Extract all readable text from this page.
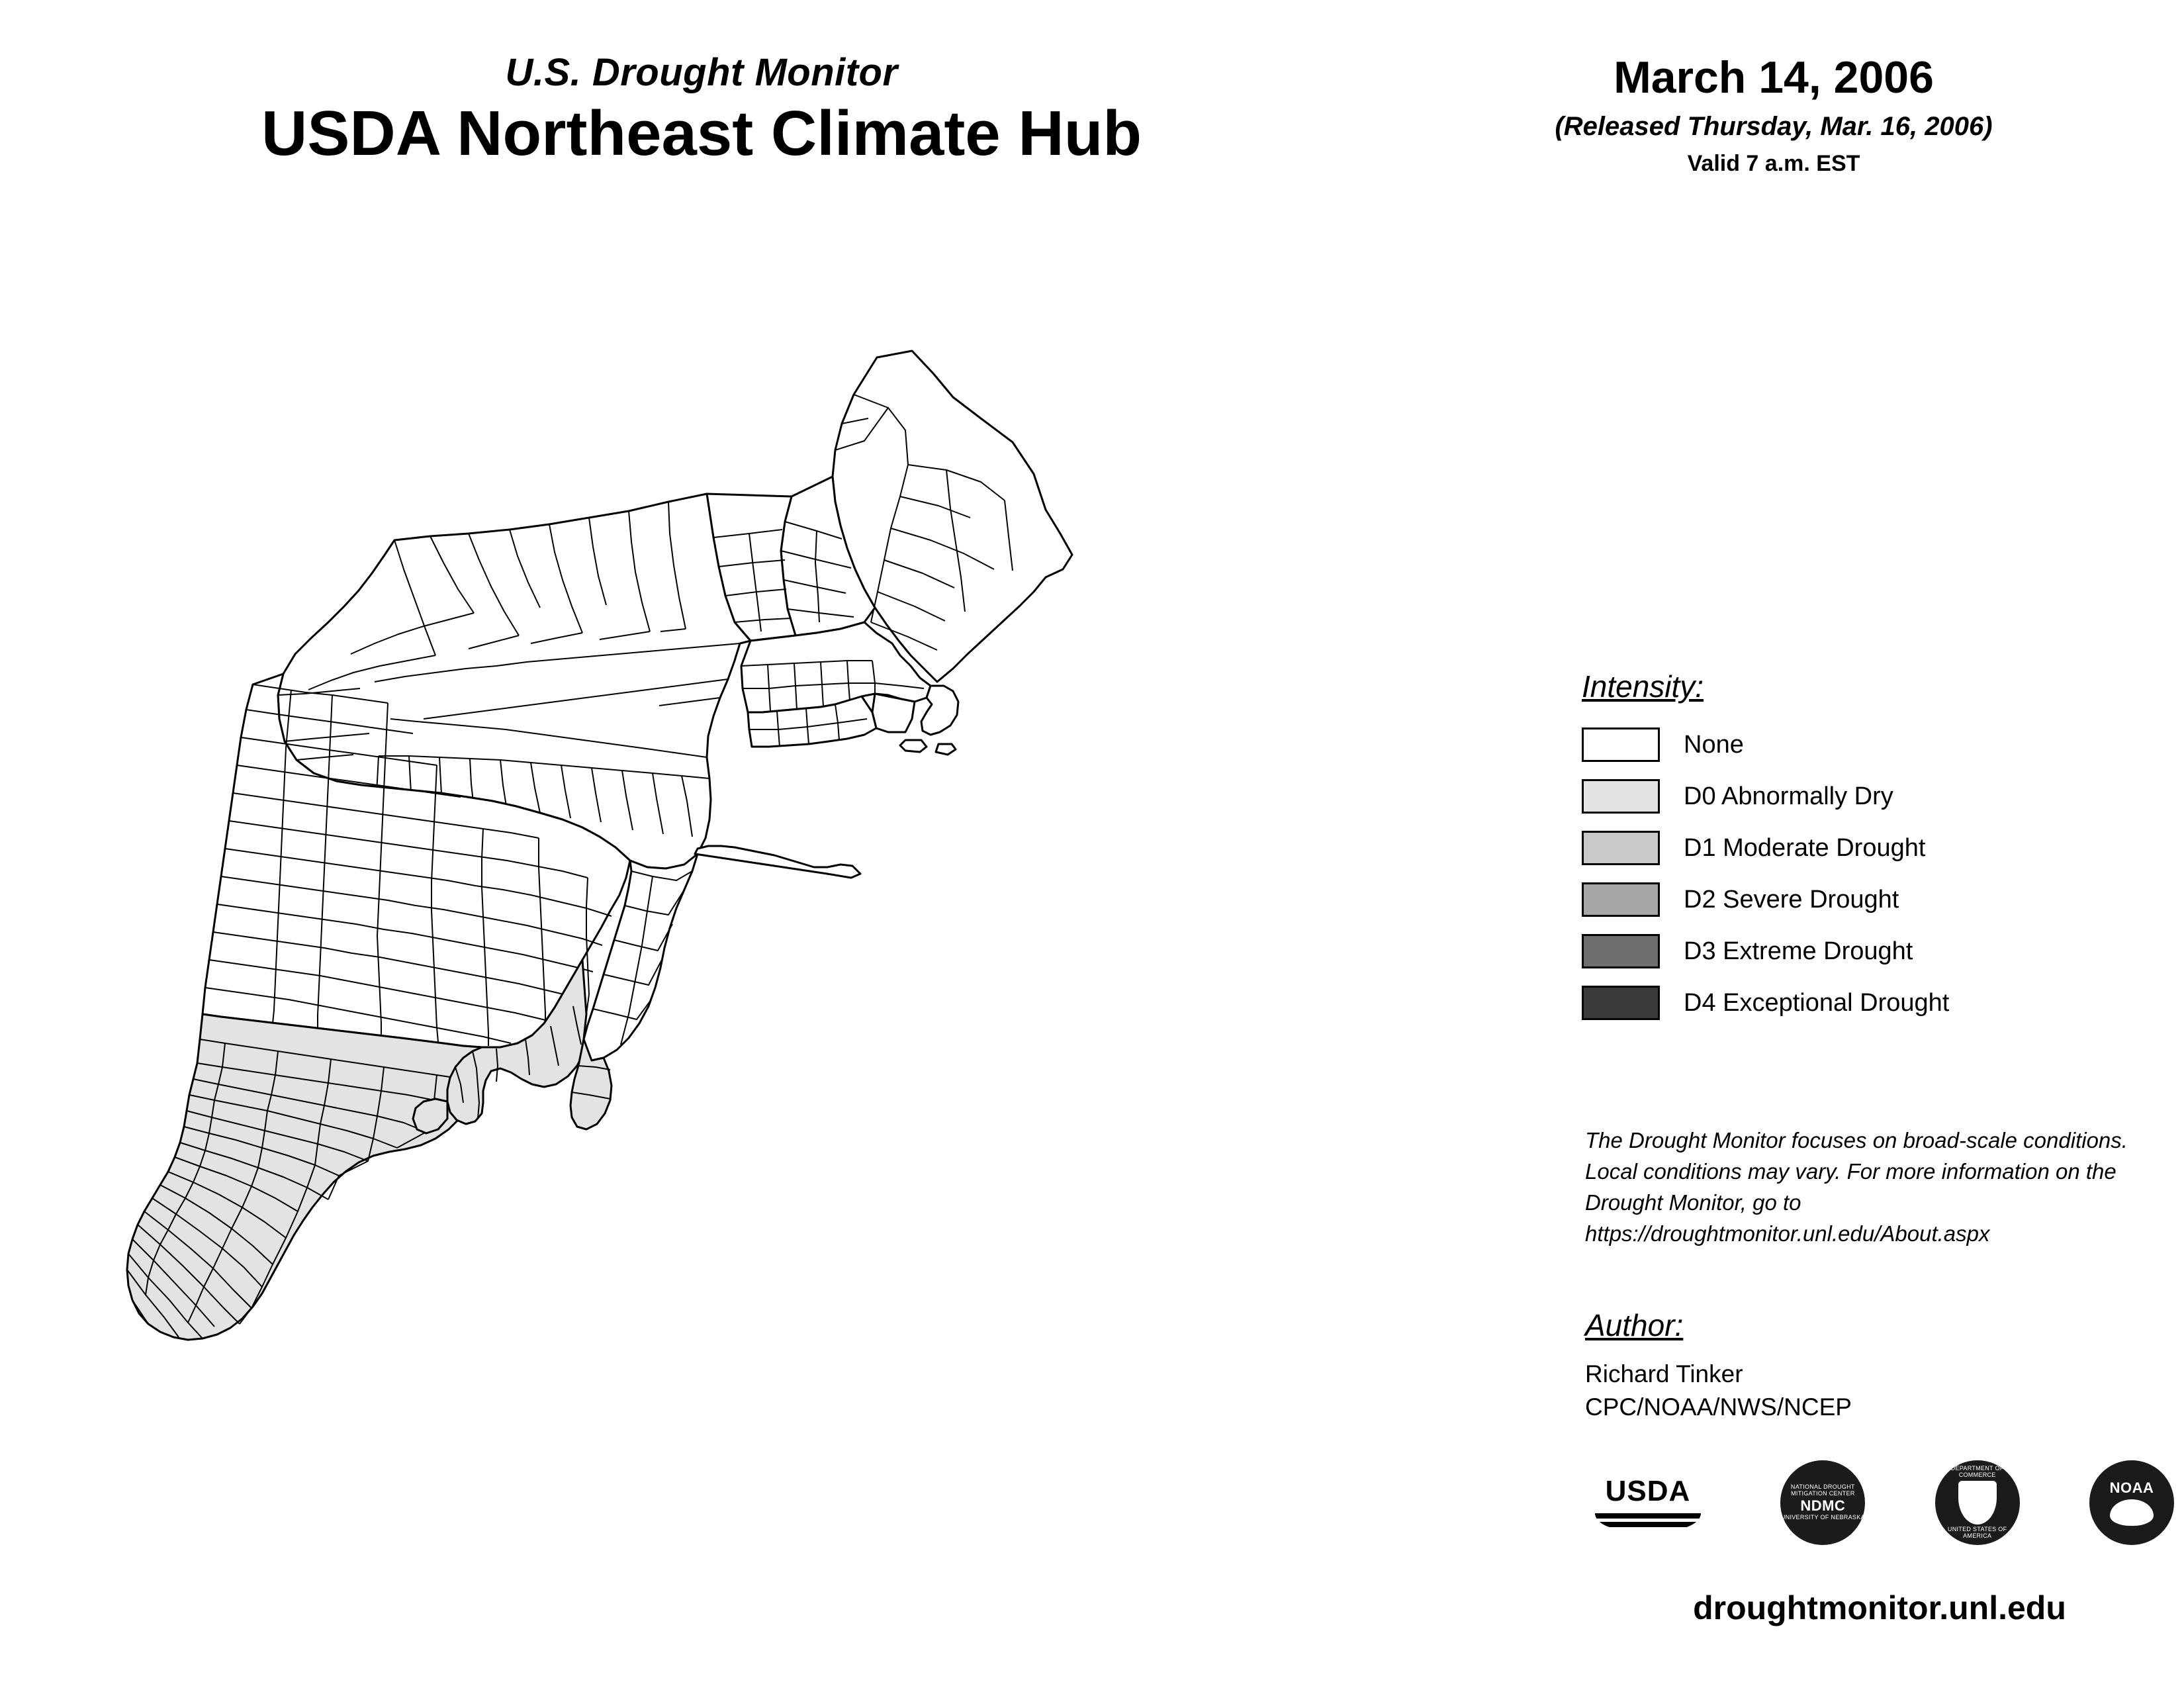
U.S. Drought Monitor
USDA Northeast Climate Hub
March 14, 2006
(Released Thursday, Mar. 16, 2006)
Valid 7 a.m. EST
Intensity:
None
D0 Abnormally Dry
D1 Moderate Drought
D2 Severe Drought
D3 Extreme Drought
D4 Exceptional Drought
The Drought Monitor focuses on broad-scale conditions. Local conditions may vary. For more information on the Drought Monitor, go to https://droughtmonitor.unl.edu/About.aspx
Author:
Richard Tinker
CPC/NOAA/NWS/NCEP
USDA	NATIONAL DROUGHT MITIGATION CENTER
NDMC
UNIVERSITY OF NEBRASKA
DEPARTMENT OF COMMERCE
UNITED STATES OF AMERICA
NOAA
droughtmonitor.unl.edu
